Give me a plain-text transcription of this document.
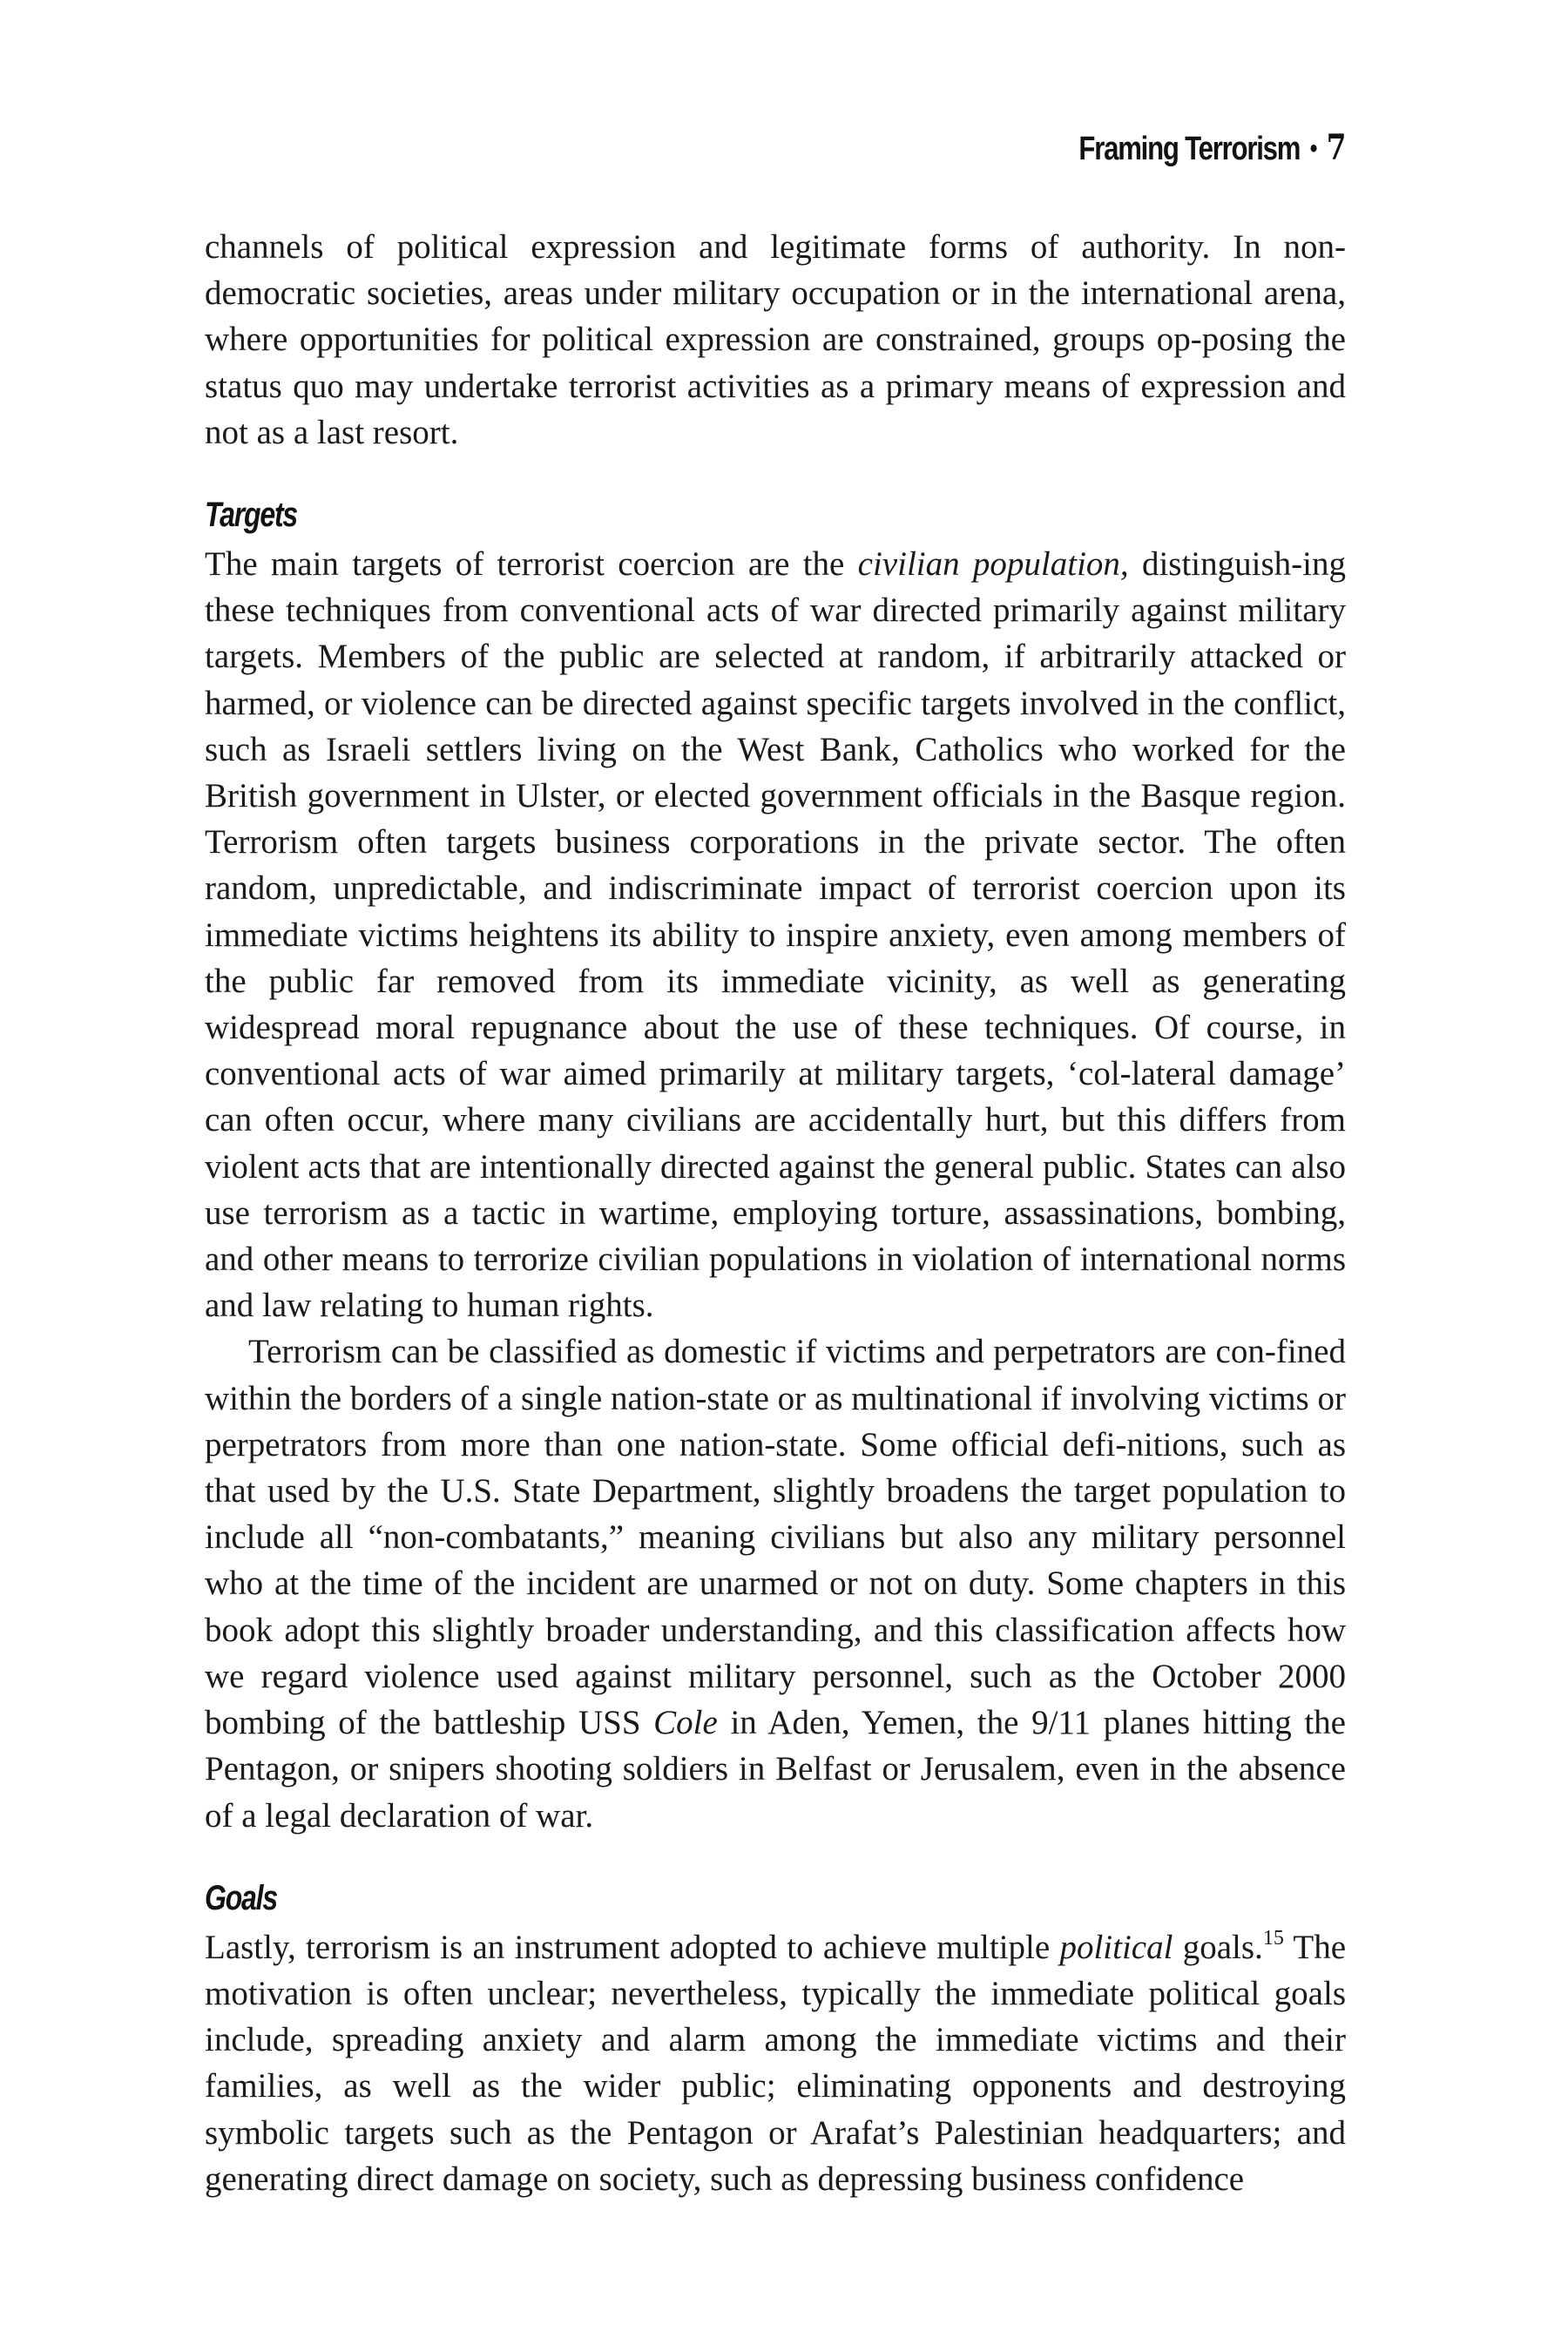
Framing Terrorism • 7

channels of political expression and legitimate forms of authority. In non-democratic societies, areas under military occupation or in the international arena, where opportunities for political expression are constrained, groups op-posing the status quo may undertake terrorist activities as a primary means of expression and not as a last resort.

Targets

The main targets of terrorist coercion are the civilian population, distinguish-ing these techniques from conventional acts of war directed primarily against military targets. Members of the public are selected at random, if arbitrarily attacked or harmed, or violence can be directed against specific targets involved in the conflict, such as Israeli settlers living on the West Bank, Catholics who worked for the British government in Ulster, or elected government officials in the Basque region. Terrorism often targets business corporations in the private sector. The often random, unpredictable, and indiscriminate impact of terrorist coercion upon its immediate victims heightens its ability to inspire anxiety, even among members of the public far removed from its immediate vicinity, as well as generating widespread moral repugnance about the use of these techniques. Of course, in conventional acts of war aimed primarily at military targets, ‘col-lateral damage’ can often occur, where many civilians are accidentally hurt, but this differs from violent acts that are intentionally directed against the general public. States can also use terrorism as a tactic in wartime, employing torture, assassinations, bombing, and other means to terrorize civilian populations in violation of international norms and law relating to human rights.

Terrorism can be classified as domestic if victims and perpetrators are con-fined within the borders of a single nation-state or as multinational if involving victims or perpetrators from more than one nation-state. Some official defi-nitions, such as that used by the U.S. State Department, slightly broadens the target population to include all “non-combatants,” meaning civilians but also any military personnel who at the time of the incident are unarmed or not on duty. Some chapters in this book adopt this slightly broader understanding, and this classification affects how we regard violence used against military personnel, such as the October 2000 bombing of the battleship USS Cole in Aden, Yemen, the 9/11 planes hitting the Pentagon, or snipers shooting soldiers in Belfast or Jerusalem, even in the absence of a legal declaration of war.

Goals

Lastly, terrorism is an instrument adopted to achieve multiple political goals.$^{15}$ The motivation is often unclear; nevertheless, typically the immediate political goals include, spreading anxiety and alarm among the immediate victims and their families, as well as the wider public; eliminating opponents and destroying symbolic targets such as the Pentagon or Arafat’s Palestinian headquarters; and generating direct damage on society, such as depressing business confidence
